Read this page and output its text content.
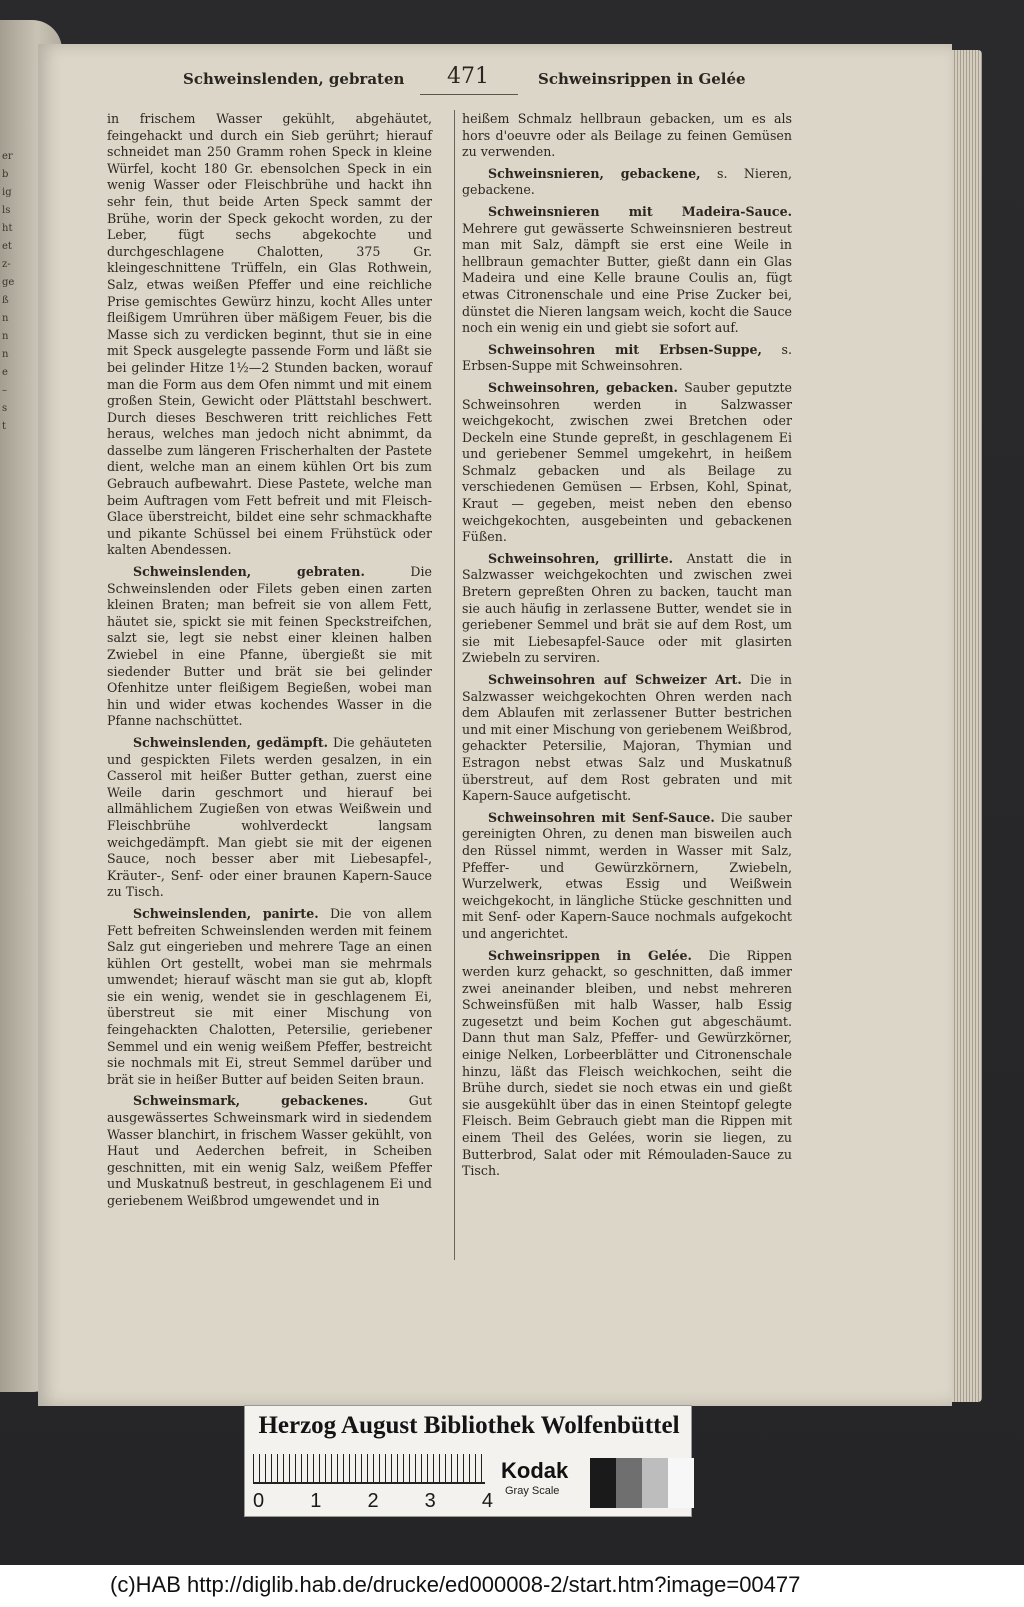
er
b
ig
ls
ht
et
z-
ge
ß
n
n
n
e
–
s
t
Schweinslenden, gebraten	471	Schweinsrippen in Gelée

in frischem Wasser gekühlt, abgehäutet, feingehackt und durch ein Sieb gerührt; hierauf schneidet man 250 Gramm rohen Speck in kleine Würfel, kocht 180 Gr. ebensolchen Speck in ein wenig Wasser oder Fleischbrühe und hackt ihn sehr fein, thut beide Arten Speck sammt der Brühe, worin der Speck gekocht worden, zu der Leber, fügt sechs abgekochte und durchgeschlagene Chalotten, 375 Gr. kleingeschnittene Trüffeln, ein Glas Rothwein, Salz, etwas weißen Pfeffer und eine reichliche Prise gemischtes Gewürz hinzu, kocht Alles unter fleißigem Umrühren über mäßigem Feuer, bis die Masse sich zu verdicken beginnt, thut sie in eine mit Speck ausgelegte passende Form und läßt sie bei gelinder Hitze 1½—2 Stunden backen, worauf man die Form aus dem Ofen nimmt und mit einem großen Stein, Gewicht oder Plättstahl beschwert. Durch dieses Beschweren tritt reichliches Fett heraus, welches man jedoch nicht abnimmt, da dasselbe zum längeren Frischerhalten der Pastete dient, welche man an einem kühlen Ort bis zum Gebrauch aufbewahrt. Diese Pastete, welche man beim Auftragen vom Fett befreit und mit Fleisch-Glace überstreicht, bildet eine sehr schmackhafte und pikante Schüssel bei einem Frühstück oder kalten Abendessen.

Schweinslenden, gebraten.	Die Schweinslenden oder Filets geben einen zarten kleinen Braten; man befreit sie von allem Fett, häutet sie, spickt sie mit feinen Speckstreifchen, salzt sie, legt sie nebst einer kleinen halben Zwiebel in eine Pfanne, übergießt sie mit siedender Butter und brät sie bei gelinder Ofenhitze unter fleißigem Begießen, wobei man hin und wider etwas kochendes Wasser in die Pfanne nachschüttet.

Schweinslenden, gedämpft. Die gehäuteten und gespickten Filets werden gesalzen, in ein Casserol mit heißer Butter gethan, zuerst eine Weile darin geschmort und hierauf bei allmählichem Zugießen von etwas Weißwein und Fleischbrühe wohlverdeckt langsam weichgedämpft. Man giebt sie mit der eigenen Sauce, noch besser aber mit Liebesapfel-, Kräuter-, Senf- oder einer braunen Kapern-Sauce zu Tisch.

Schweinslenden, panirte. Die von allem Fett befreiten Schweinslenden werden mit feinem Salz gut eingerieben und mehrere Tage an einen kühlen Ort gestellt, wobei man sie mehrmals umwendet; hierauf wäscht man sie gut ab, klopft sie ein wenig, wendet sie in geschlagenem Ei, überstreut sie mit einer Mischung von feingehackten Chalotten, Petersilie, geriebener Semmel und ein wenig weißem Pfeffer, bestreicht sie nochmals mit Ei, streut Semmel darüber und brät sie in heißer Butter auf beiden Seiten braun.

Schweinsmark, gebackenes.	Gut ausgewässertes Schweinsmark wird in siedendem Wasser blanchirt, in frischem Wasser gekühlt, von Haut und Aederchen befreit, in Scheiben geschnitten, mit ein wenig Salz, weißem Pfeffer und Muskatnuß bestreut, in geschlagenem Ei und geriebenem Weißbrod umgewendet und in

heißem Schmalz hellbraun gebacken, um es als hors d'oeuvre oder als Beilage zu feinen Gemüsen zu verwenden.

Schweinsnieren, gebackene, s. Nieren, gebackene.

Schweinsnieren mit Madeira-Sauce. Mehrere gut gewässerte Schweinsnieren bestreut man mit Salz, dämpft sie erst eine Weile in hellbraun gemachter Butter, gießt dann ein Glas Madeira und eine Kelle braune Coulis an, fügt etwas Citronenschale und eine Prise Zucker bei, dünstet die Nieren langsam weich, kocht die Sauce noch ein wenig ein und giebt sie sofort auf.

Schweinsohren mit Erbsen-Suppe, s. Erbsen-Suppe mit Schweinsohren.

Schweinsohren, gebacken. Sauber geputzte Schweinsohren werden in Salzwasser weichgekocht, zwischen zwei Bretchen oder Deckeln eine Stunde gepreßt, in geschlagenem Ei und geriebener Semmel umgekehrt, in heißem Schmalz gebacken und als Beilage zu verschiedenen Gemüsen — Erbsen, Kohl, Spinat, Kraut — gegeben, meist neben den ebenso weichgekochten, ausgebeinten und gebackenen Füßen.

Schweinsohren, grillirte. Anstatt die in Salzwasser weichgekochten und zwischen zwei Bretern gepreßten Ohren zu backen, taucht man sie auch häufig in zerlassene Butter, wendet sie in geriebener Semmel und brät sie auf dem Rost, um sie mit Liebesapfel-Sauce oder mit glasirten Zwiebeln zu serviren.

Schweinsohren auf Schweizer Art. Die in Salzwasser weichgekochten Ohren werden nach dem Ablaufen mit zerlassener Butter bestrichen und mit einer Mischung von geriebenem Weißbrod, gehackter Petersilie, Majoran, Thymian und Estragon nebst etwas Salz und Muskatnuß überstreut, auf dem Rost gebraten und mit Kapern-Sauce aufgetischt.

Schweinsohren mit Senf-Sauce. Die sauber gereinigten Ohren, zu denen man bisweilen auch den Rüssel nimmt, werden in Wasser mit Salz, Pfeffer- und Gewürzkörnern, Zwiebeln, Wurzelwerk, etwas Essig und Weißwein weichgekocht, in längliche Stücke geschnitten und mit Senf- oder Kapern-Sauce nochmals aufgekocht und angerichtet.

Schweinsrippen in Gelée. Die Rippen werden kurz gehackt, so geschnitten, daß immer zwei aneinander bleiben, und nebst mehreren Schweinsfüßen mit halb Wasser, halb Essig zugesetzt und beim Kochen gut abgeschäumt. Dann thut man Salz, Pfeffer- und Gewürzkörner, einige Nelken, Lorbeerblätter und Citronenschale hinzu, läßt das Fleisch weichkochen, seiht die Brühe durch, siedet sie noch etwas ein und gießt sie ausgekühlt über das in einen Steintopf gelegte Fleisch. Beim Gebrauch giebt man die Rippen mit einem Theil des Gelées, worin sie liegen, zu Butterbrod, Salat oder mit Rémouladen-Sauce zu Tisch.

Herzog August Bibliothek Wolfenbüttel
0 1 2 3 4
Kodak
Gray Scale
(c)HAB http://diglib.hab.de/drucke/ed000008-2/start.htm?image=00477
